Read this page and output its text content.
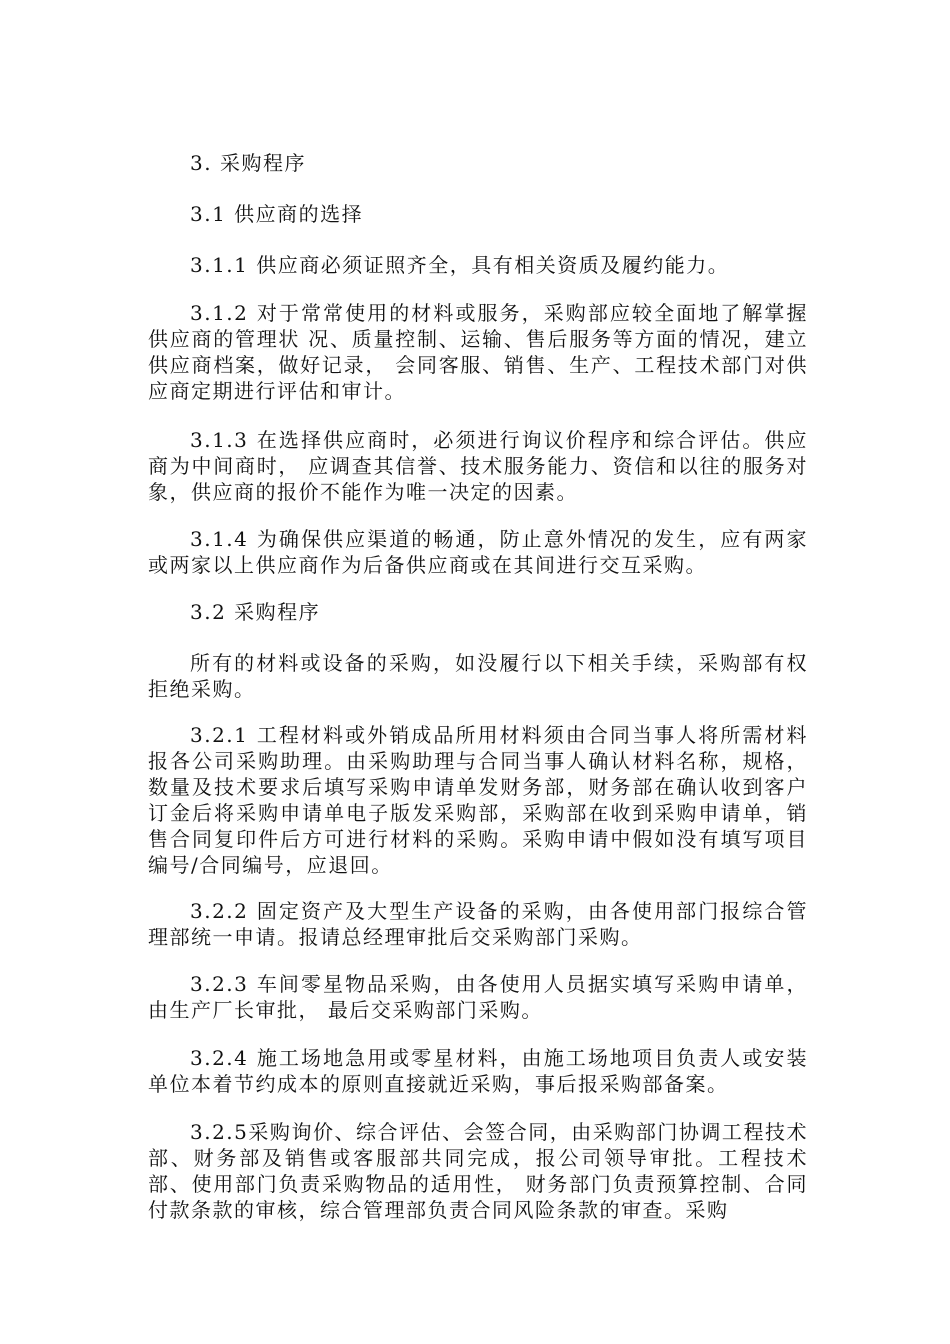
3. 采购程序

3.1 供应商的选择

3.1.1 供应商必须证照齐全，具有相关资质及履约能力。

3.1.2 对于常常使用的材料或服务，采购部应较全面地了解掌握供应商的管理状 况、质量控制、运输、售后服务等方面的情况，建立供应商档案，做好记录， 会同客服、销售、生产、工程技术部门对供应商定期进行评估和审计。

3.1.3 在选择供应商时，必须进行询议价程序和综合评估。供应商为中间商时， 应调查其信誉、技术服务能力、资信和以往的服务对象，供应商的报价不能作为唯一决定的因素。

3.1.4 为确保供应渠道的畅通，防止意外情况的发生，应有两家或两家以上供应商作为后备供应商或在其间进行交互采购。

3.2 采购程序

所有的材料或设备的采购，如没履行以下相关手续，采购部有权拒绝采购。

3.2.1 工程材料或外销成品所用材料须由合同当事人将所需材料报各公司采购助理。由采购助理与合同当事人确认材料名称，规格，数量及技术要求后填写采购申请单发财务部，财务部在确认收到客户订金后将采购申请单电子版发采购部，采购部在收到采购申请单，销售合同复印件后方可进行材料的采购。采购申请中假如没有填写项目编号/合同编号，应退回。

3.2.2 固定资产及大型生产设备的采购，由各使用部门报综合管理部统一申请。报请总经理审批后交采购部门采购。

3.2.3 车间零星物品采购，由各使用人员据实填写采购申请单，由生产厂长审批， 最后交采购部门采购。

3.2.4 施工场地急用或零星材料，由施工场地项目负责人或安装单位本着节约成本的原则直接就近采购，事后报采购部备案。

3.2.5采购询价、综合评估、会签合同，由采购部门协调工程技术部、财务部及销售或客服部共同完成，报公司领导审批。工程技术部、使用部门负责采购物品的适用性， 财务部门负责预算控制、合同付款条款的审核，综合管理部负责合同风险条款的审查。采购
